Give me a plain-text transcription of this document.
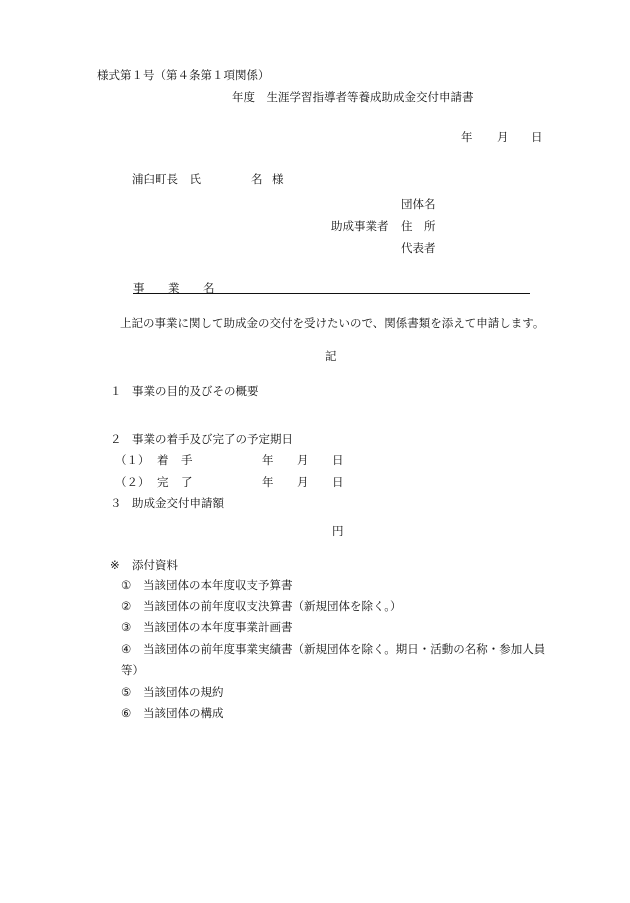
様式第１号（第４条第１項関係）
年度　生涯学習指導者等養成助成金交付申請書
年 月 日
浦臼町長　氏	名 様
団体名
助成事業者 住　所
代表者
事 業 名
上記の事業に関して助成金の交付を受けたいので、関係書類を添えて申請します。
記
１ 事業の目的及びその概要
２ 事業の着手及び完了の予定期日
（１） 着 手	年 月 日
（２） 完 了	年 月 日
３ 助成金交付申請額
円
※ 添付資料
① 当該団体の本年度収支予算書
② 当該団体の前年度収支決算書（新規団体を除く。）
③ 当該団体の本年度事業計画書
④ 当該団体の前年度事業実績書（新規団体を除く。期日・活動の名称・参加人員
等）
⑤ 当該団体の規約
⑥ 当該団体の構成
